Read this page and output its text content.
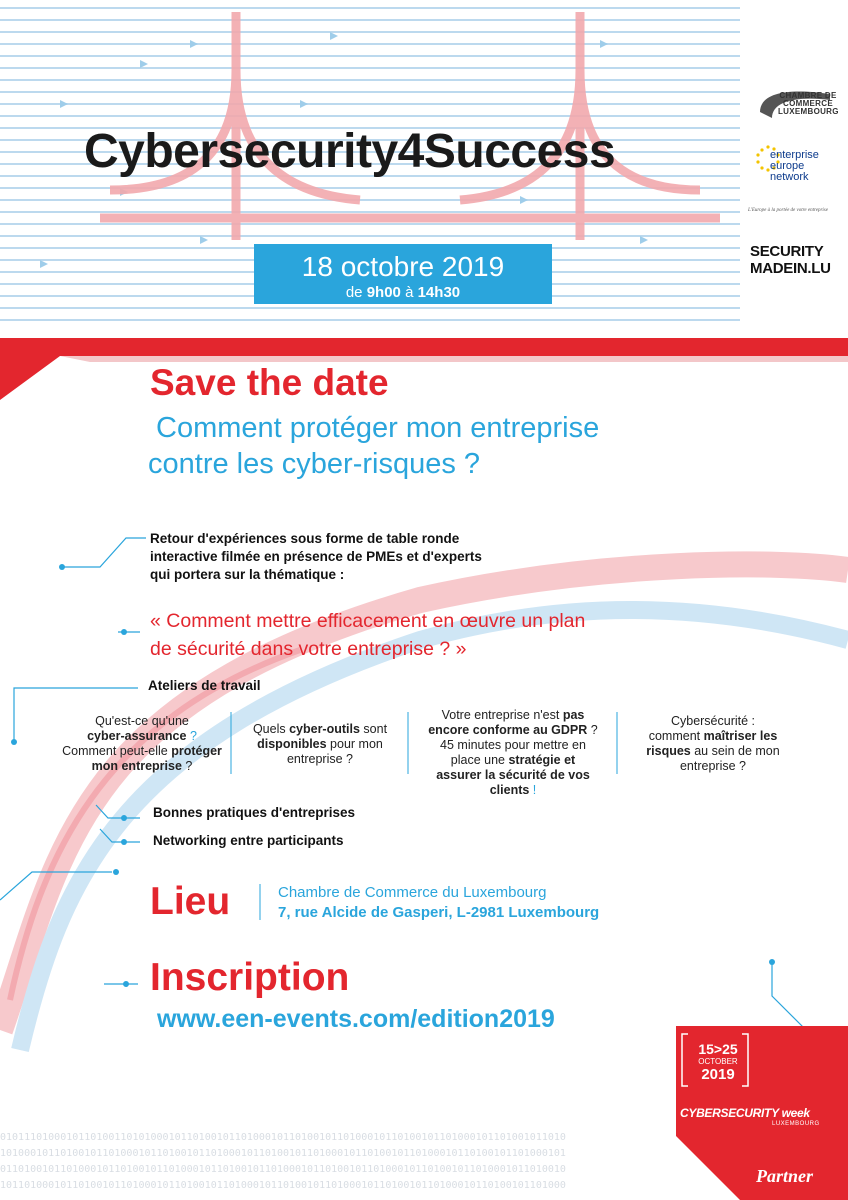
0101110100010110100110101000101101001011010001011010010110100010110100101101000101101001011010
1010001011010010110100010110100101101000101101001011010001011010010110100010110100101101000101
0110100101101000101101001011010001011010010110100010110100101101000101101001011010001011010010
1011010001011010010110100010110100101101000101101001011010001011010010110100010110100101101000
Cybersecurity4Success
18 octobre 2019
de 9h00 à 14h30
CHAMBRE DE COMMERCE LUXEMBOURG
enterprise
europe
network
L'Europe à la portée de votre entreprise
SECURITY
MADEIN.LU
Save the date
Comment protéger mon entreprise
contre les cyber-risques ?
Retour d'expériences sous forme de table ronde
interactive filmée en présence de PMEs et d'experts
qui portera sur la thématique :
« Comment mettre efficacement en œuvre un plan
de sécurité dans votre entreprise ? »
Ateliers de travail
Qu'est-ce qu'une
cyber-assurance ?
Comment peut-elle protéger
mon entreprise ?
Quels cyber-outils sont
disponibles pour mon
entreprise ?
Votre entreprise n'est pas
encore conforme au GDPR ?
45 minutes pour mettre en
place une stratégie et
assurer la sécurité de vos
clients !
Cybersécurité :
comment maîtriser les
risques au sein de mon
entreprise ?
Bonnes pratiques d'entreprises
Networking entre participants
Lieu	Chambre de Commerce du Luxembourg
7, rue Alcide de Gasperi, L-2981 Luxembourg
Inscription
www.een-events.com/edition2019
15>25
OCTOBER
2019
CYBERSECURITY week
LUXEMBOURG
Partner
